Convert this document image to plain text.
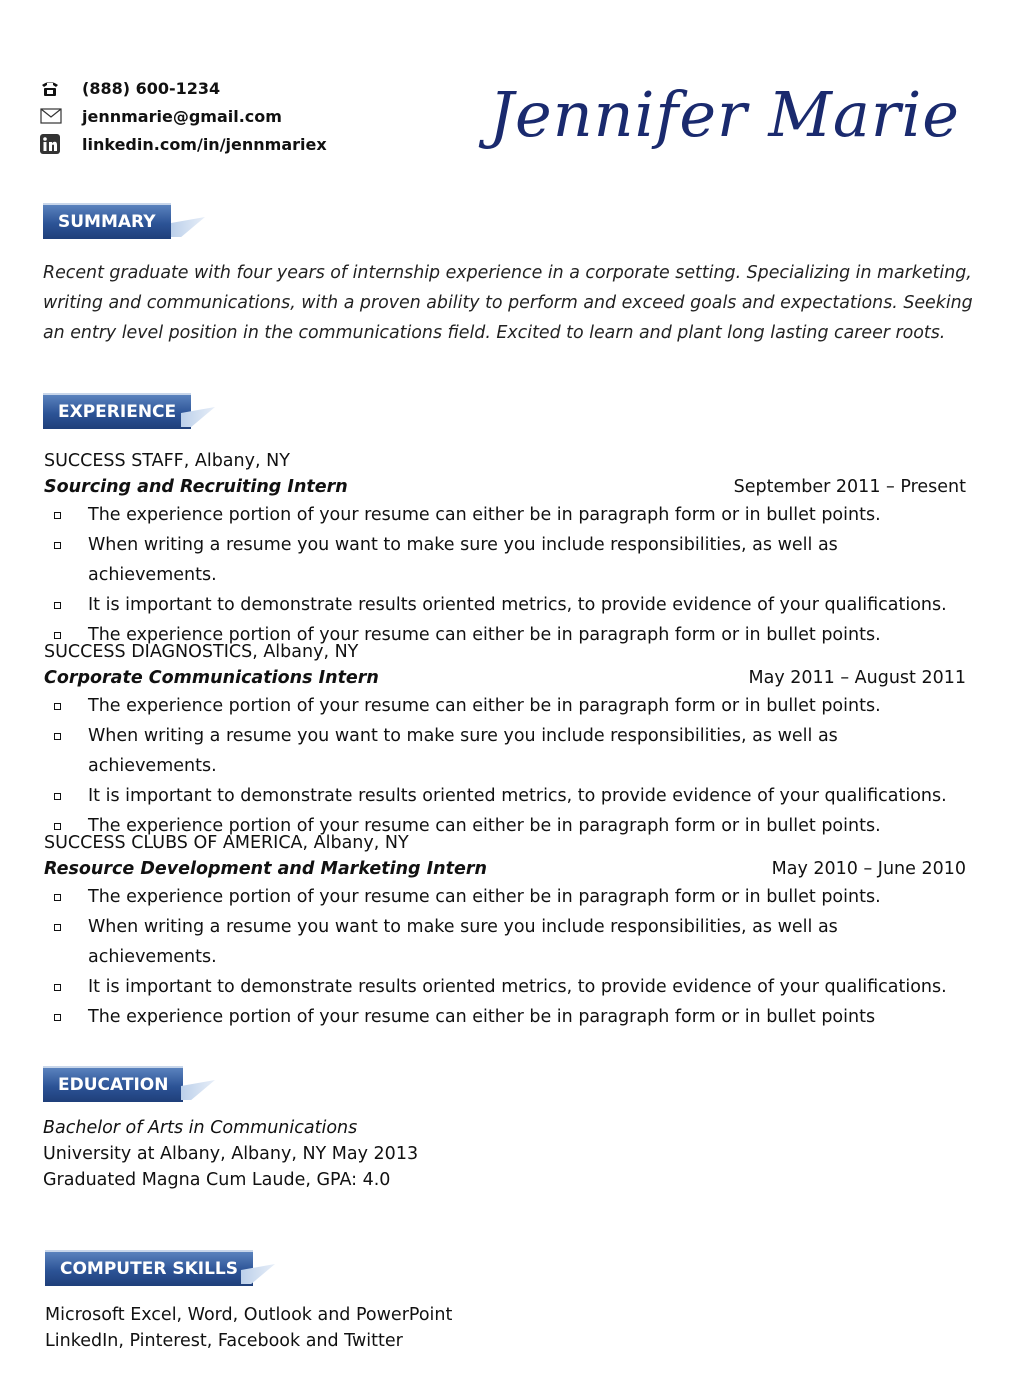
(888) 600-1234
jennmarie@gmail.com
linkedin.com/in/jennmariex	Jennifer Marie
SUMMARY
Recent graduate with four years of internship experience in a corporate setting. Specializing in marketing, writing and communications, with a proven ability to perform and exceed goals and expectations. Seeking an entry level position in the communications field. Excited to learn and plant long lasting career roots.
EXPERIENCE
SUCCESS STAFF, Albany, NY
Sourcing and Recruiting Intern	September 2011 – Present
The experience portion of your resume can either be in paragraph form or in bullet points.
When writing a resume you want to make sure you include responsibilities, as well as achievements.
It is important to demonstrate results oriented metrics, to provide evidence of your qualifications.
The experience portion of your resume can either be in paragraph form or in bullet points.
SUCCESS DIAGNOSTICS, Albany, NY
Corporate Communications Intern	May 2011 – August 2011
The experience portion of your resume can either be in paragraph form or in bullet points.
When writing a resume you want to make sure you include responsibilities, as well as achievements.
It is important to demonstrate results oriented metrics, to provide evidence of your qualifications.
The experience portion of your resume can either be in paragraph form or in bullet points.
SUCCESS CLUBS OF AMERICA, Albany, NY
Resource Development and Marketing Intern	May 2010 – June 2010
The experience portion of your resume can either be in paragraph form or in bullet points.
When writing a resume you want to make sure you include responsibilities, as well as achievements.
It is important to demonstrate results oriented metrics, to provide evidence of your qualifications.
The experience portion of your resume can either be in paragraph form or in bullet points
EDUCATION
Bachelor of Arts in Communications
University at Albany, Albany, NY May 2013
Graduated Magna Cum Laude, GPA: 4.0
COMPUTER SKILLS
Microsoft Excel, Word, Outlook and PowerPoint
LinkedIn, Pinterest, Facebook and Twitter
